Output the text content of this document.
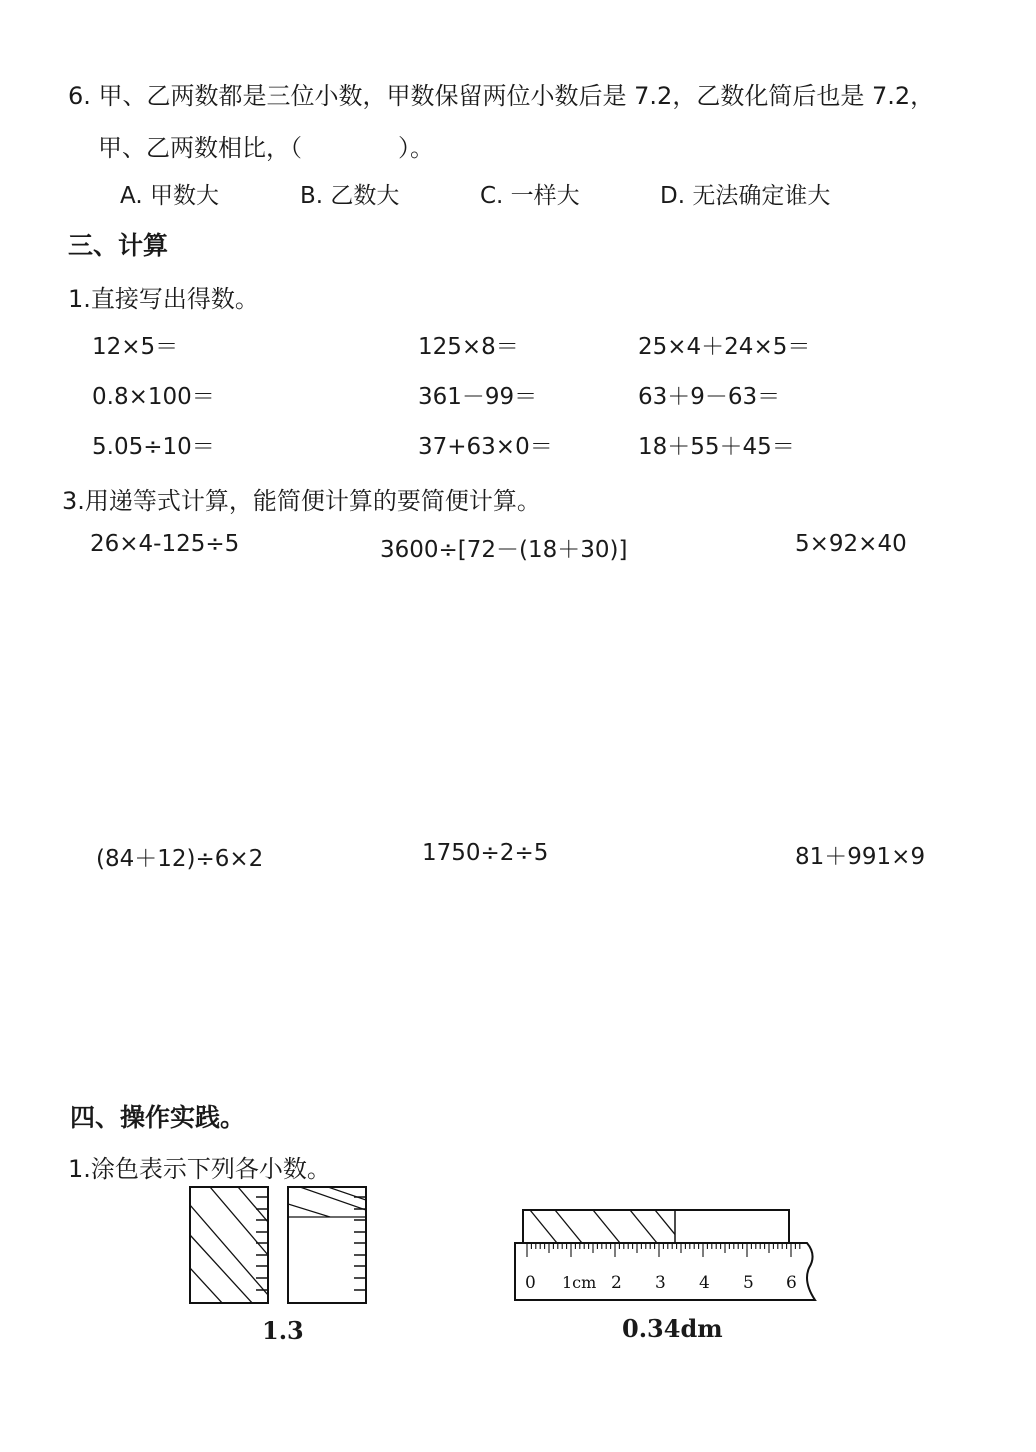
6. 甲、乙两数都是三位小数，甲数保留两位小数后是 7.2，乙数化简后也是 7.2，
甲、乙两数相比，（　　　　）。
A. 甲数大	B. 乙数大	C. 一样大	D. 无法确定谁大
三、计算
1.直接写出得数。
12×5＝	125×8＝	25×4＋24×5＝
0.8×100＝	361－99＝	63＋9－63＝
5.05÷10＝	37+63×0＝	18＋55＋45＝
3.用递等式计算，能简便计算的要简便计算。
26×4-125÷5	3600÷[72－(18＋30)]	5×92×40
(84＋12)÷6×2	1750÷2÷5	81＋991×9
四、操作实践。
1.涂色表示下列各小数。
1.3
0 1cm 2 3 4 5 6
0.34dm
